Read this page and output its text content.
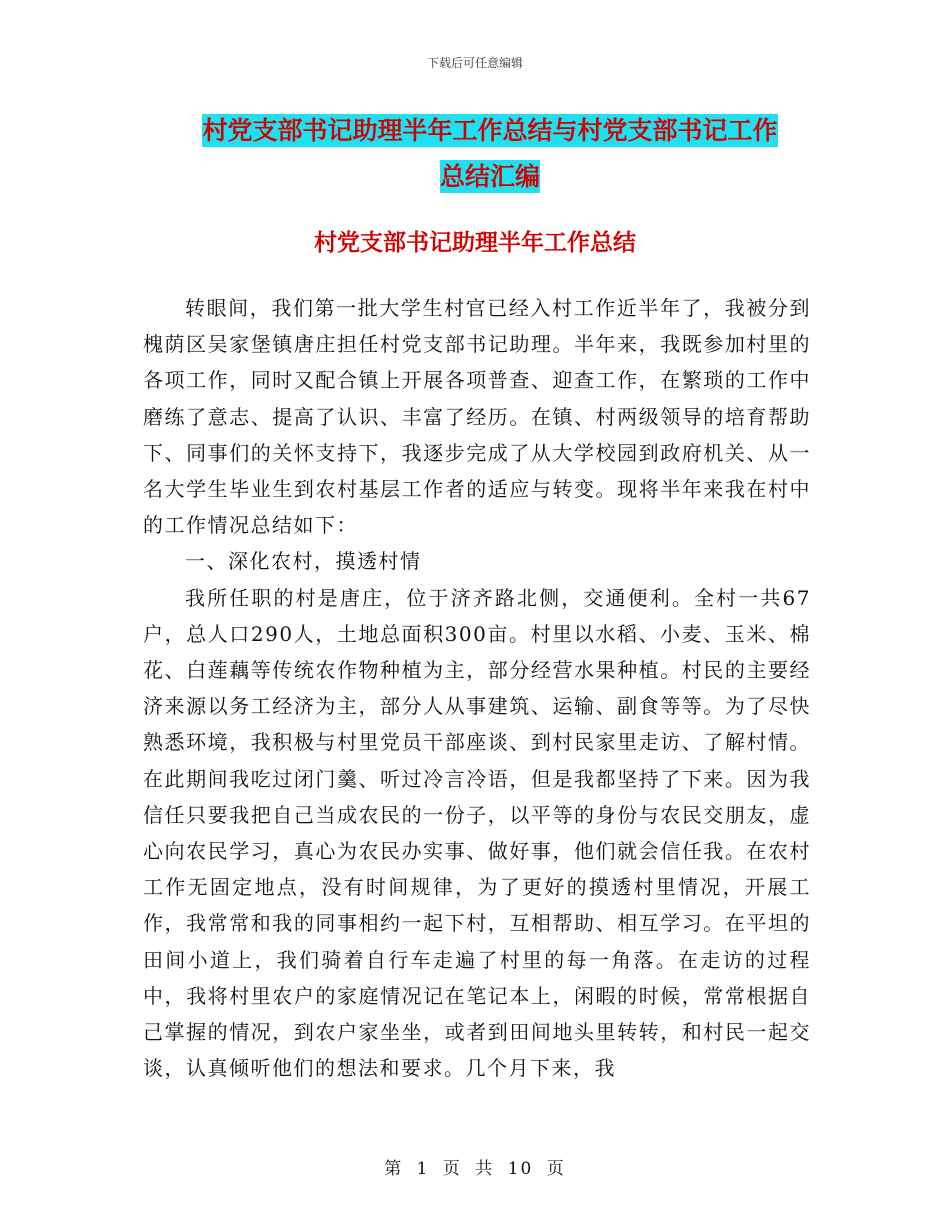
下载后可任意编辑
村党支部书记助理半年工作总结与村党支部书记工作
总结汇编
村党支部书记助理半年工作总结

转眼间，我们第一批大学生村官已经入村工作近半年了，我被分到槐荫区吴家堡镇唐庄担任村党支部书记助理。半年来，我既参加村里的各项工作，同时又配合镇上开展各项普查、迎查工作，在繁琐的工作中磨练了意志、提高了认识、丰富了经历。在镇、村两级领导的培育帮助下、同事们的关怀支持下，我逐步完成了从大学校园到政府机关、从一名大学生毕业生到农村基层工作者的适应与转变。现将半年来我在村中的工作情况总结如下：

一、深化农村，摸透村情

我所任职的村是唐庄，位于济齐路北侧，交通便利。全村一共67户，总人口290人，土地总面积300亩。村里以水稻、小麦、玉米、棉花、白莲藕等传统农作物种植为主，部分经营水果种植。村民的主要经济来源以务工经济为主，部分人从事建筑、运输、副食等等。为了尽快熟悉环境，我积极与村里党员干部座谈、到村民家里走访、了解村情。在此期间我吃过闭门羹、听过冷言冷语，但是我都坚持了下来。因为我信任只要我把自己当成农民的一份子，以平等的身份与农民交朋友，虚心向农民学习，真心为农民办实事、做好事，他们就会信任我。在农村工作无固定地点，没有时间规律，为了更好的摸透村里情况，开展工作，我常常和我的同事相约一起下村，互相帮助、相互学习。在平坦的田间小道上，我们骑着自行车走遍了村里的每一角落。在走访的过程中，我将村里农户的家庭情况记在笔记本上，闲暇的时候，常常根据自己掌握的情况，到农户家坐坐，或者到田间地头里转转，和村民一起交谈，认真倾听他们的想法和要求。几个月下来，我

第 1 页 共 10 页
